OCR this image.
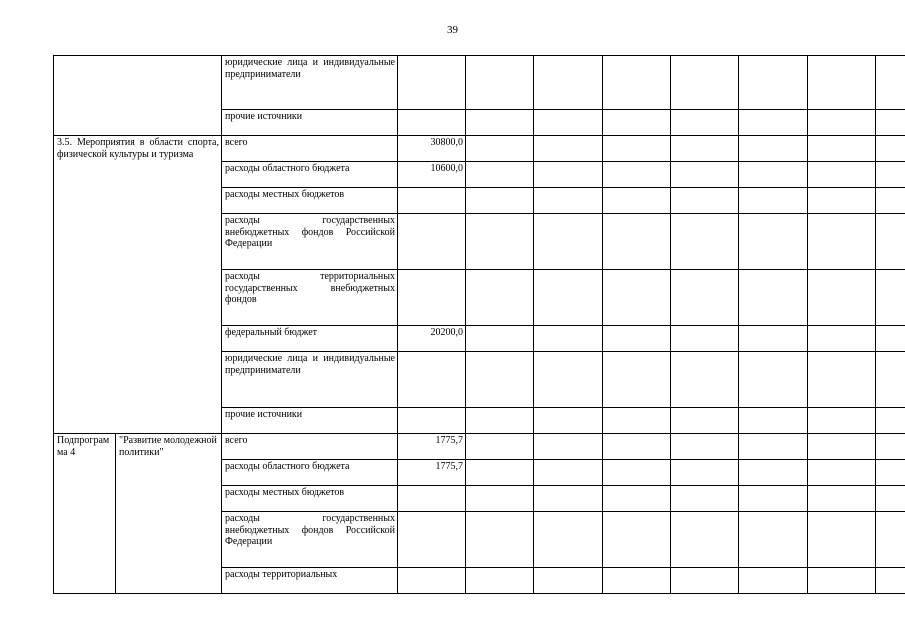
39
		юридические лица и индивидуальные предприниматели								
		прочие источники								
3.5. Мероприятия в области спорта, физической культуры и туризма		всего	30800,0							
		расходы областного бюджета	10600,0							
		расходы местных бюджетов								
		расходы государственных внебюджетных фондов Российской Федерации								
		расходы территориальных государственных внебюджетных фондов								
		федеральный бюджет	20200,0							
		юридические лица и индивидуальные предприниматели								
		прочие источники								
Подпрограмма 4	"Развитие молодежной политики"	всего	1775,7							
		расходы областного бюджета	1775,7							
		расходы местных бюджетов								
		расходы государственных внебюджетных фондов Российской Федерации								
		расходы территориальных								
